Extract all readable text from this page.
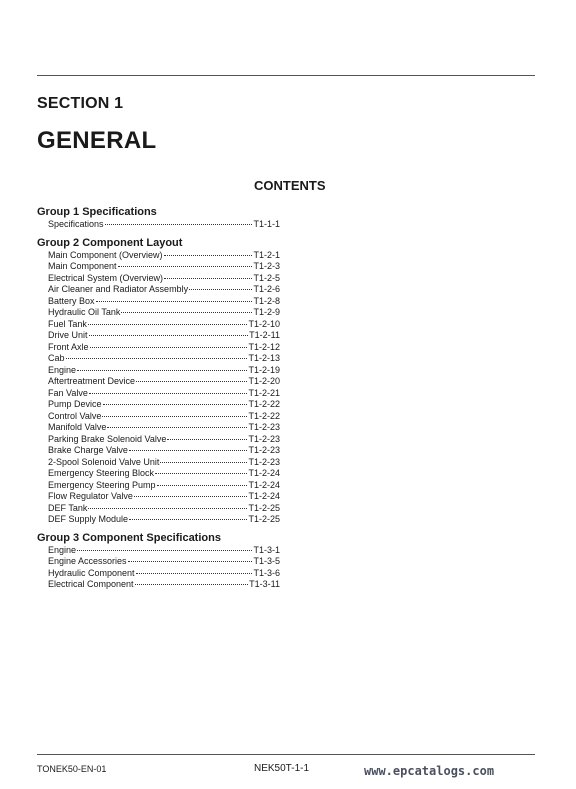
SECTION 1
GENERAL
CONTENTS
Group 1 Specifications
Specifications	T1-1-1
Group 2 Component Layout
Main Component (Overview)	T1-2-1
Main Component	T1-2-3
Electrical System (Overview)	T1-2-5
Air Cleaner and Radiator Assembly	T1-2-6
Battery Box	T1-2-8
Hydraulic Oil Tank	T1-2-9
Fuel Tank	T1-2-10
Drive Unit	T1-2-11
Front Axle	T1-2-12
Cab	T1-2-13
Engine	T1-2-19
Aftertreatment Device	T1-2-20
Fan Valve	T1-2-21
Pump Device	T1-2-22
Control Valve	T1-2-22
Manifold Valve	T1-2-23
Parking Brake Solenoid Valve	T1-2-23
Brake Charge Valve	T1-2-23
2-Spool Solenoid Valve Unit	T1-2-23
Emergency Steering Block	T1-2-24
Emergency Steering Pump	T1-2-24
Flow Regulator Valve	T1-2-24
DEF Tank	T1-2-25
DEF Supply Module	T1-2-25
Group 3 Component Specifications
Engine	T1-3-1
Engine Accessories	T1-3-5
Hydraulic Component	T1-3-6
Electrical Component	T1-3-11
TONEK50-EN-01	NEK50T-1-1	www.epcatalogs.com
